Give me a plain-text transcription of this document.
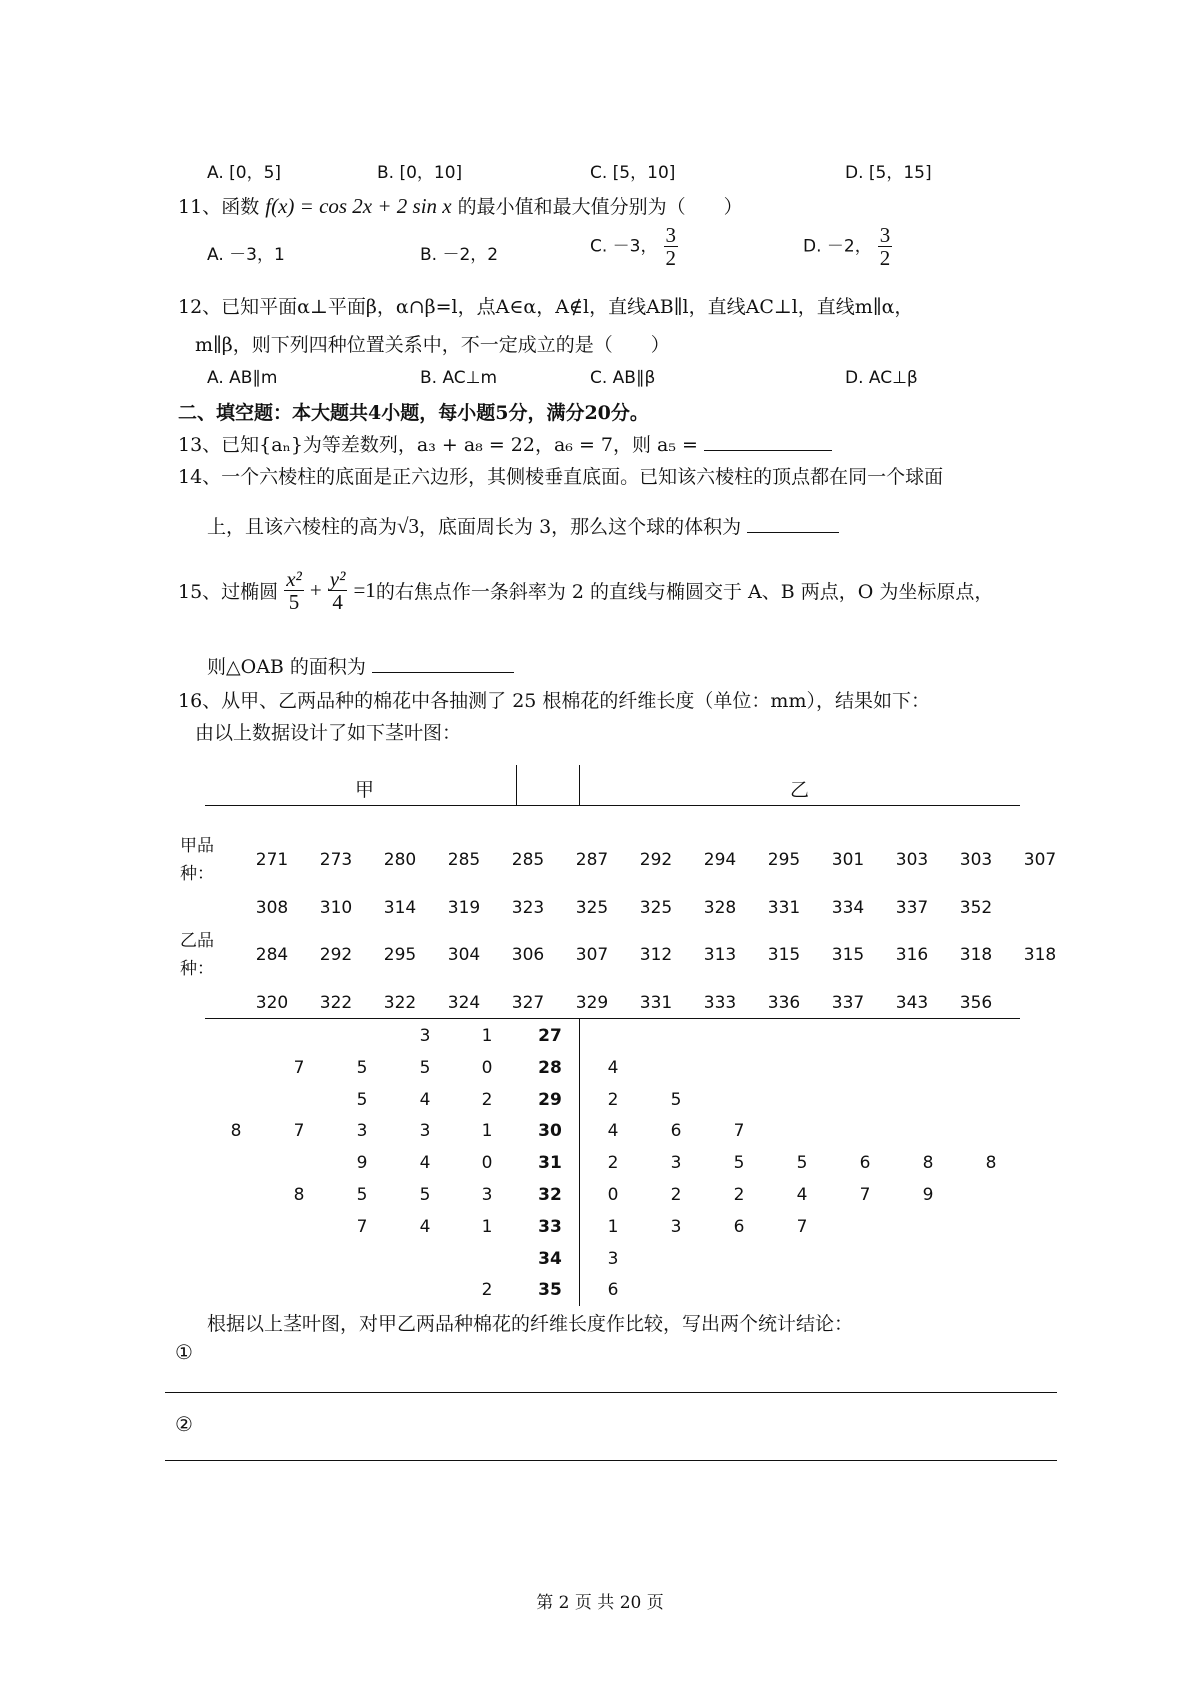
A. [0，5]	B. [0，10]	C. [5，10]	D. [5，15]
11、函数 f(x) = cos 2x + 2 sin x 的最小值和最大值分别为（　　）
A. －3，1	B. －2，2	C. －3， $\frac{3}{2}$	D. －2， $\frac{3}{2}$
12、已知平面α⊥平面β，α∩β=l，点A∈α，A∉l，直线AB∥l，直线AC⊥l，直线m∥α，
m∥β，则下列四种位置关系中，不一定成立的是（　　）
A. AB∥m	B. AC⊥m	C. AB∥β	D. AC⊥β
二、填空题：本大题共4小题，每小题5分，满分20分。
13、已知{aₙ}为等差数列，a₃ + a₈ = 22，a₆ = 7，则 a₅ =
14、一个六棱柱的底面是正六边形，其侧棱垂直底面。已知该六棱柱的顶点都在同一个球面
上，且该六棱柱的高为√3，底面周长为 3，那么这个球的体积为
15、过椭圆 $\frac{\text{x²}}{5} + \frac{\text{y²}}{4} =1$的右焦点作一条斜率为 2 的直线与椭圆交于 A、B 两点，O 为坐标原点，
则△OAB 的面积为
16、从甲、乙两品种的棉花中各抽测了 25 根棉花的纤维长度（单位：mm），结果如下：
由以上数据设计了如下茎叶图：
甲	乙
甲品
种：
乙品
种：
271	273	280	285	285	287	292	294	295	301	303	303	307
308	310	314	319	323	325	325	328	331	334	337	352
284	292	295	304	306	307	312	313	315	315	316	318	318
320	322	322	324	327	329	331	333	336	337	343	356
3	1	27
7	5	5	0	28	4
5	4	2	29	2	5
8	7	3	3	1	30	4	6	7
9	4	0	31	2	3	5	5	6	8	8
8	5	5	3	32	0	2	2	4	7	9
7	4	1	33	1	3	6	7
34	3
2	35	6
根据以上茎叶图，对甲乙两品种棉花的纤维长度作比较，写出两个统计结论：
①
②
第 2 页 共 20 页
